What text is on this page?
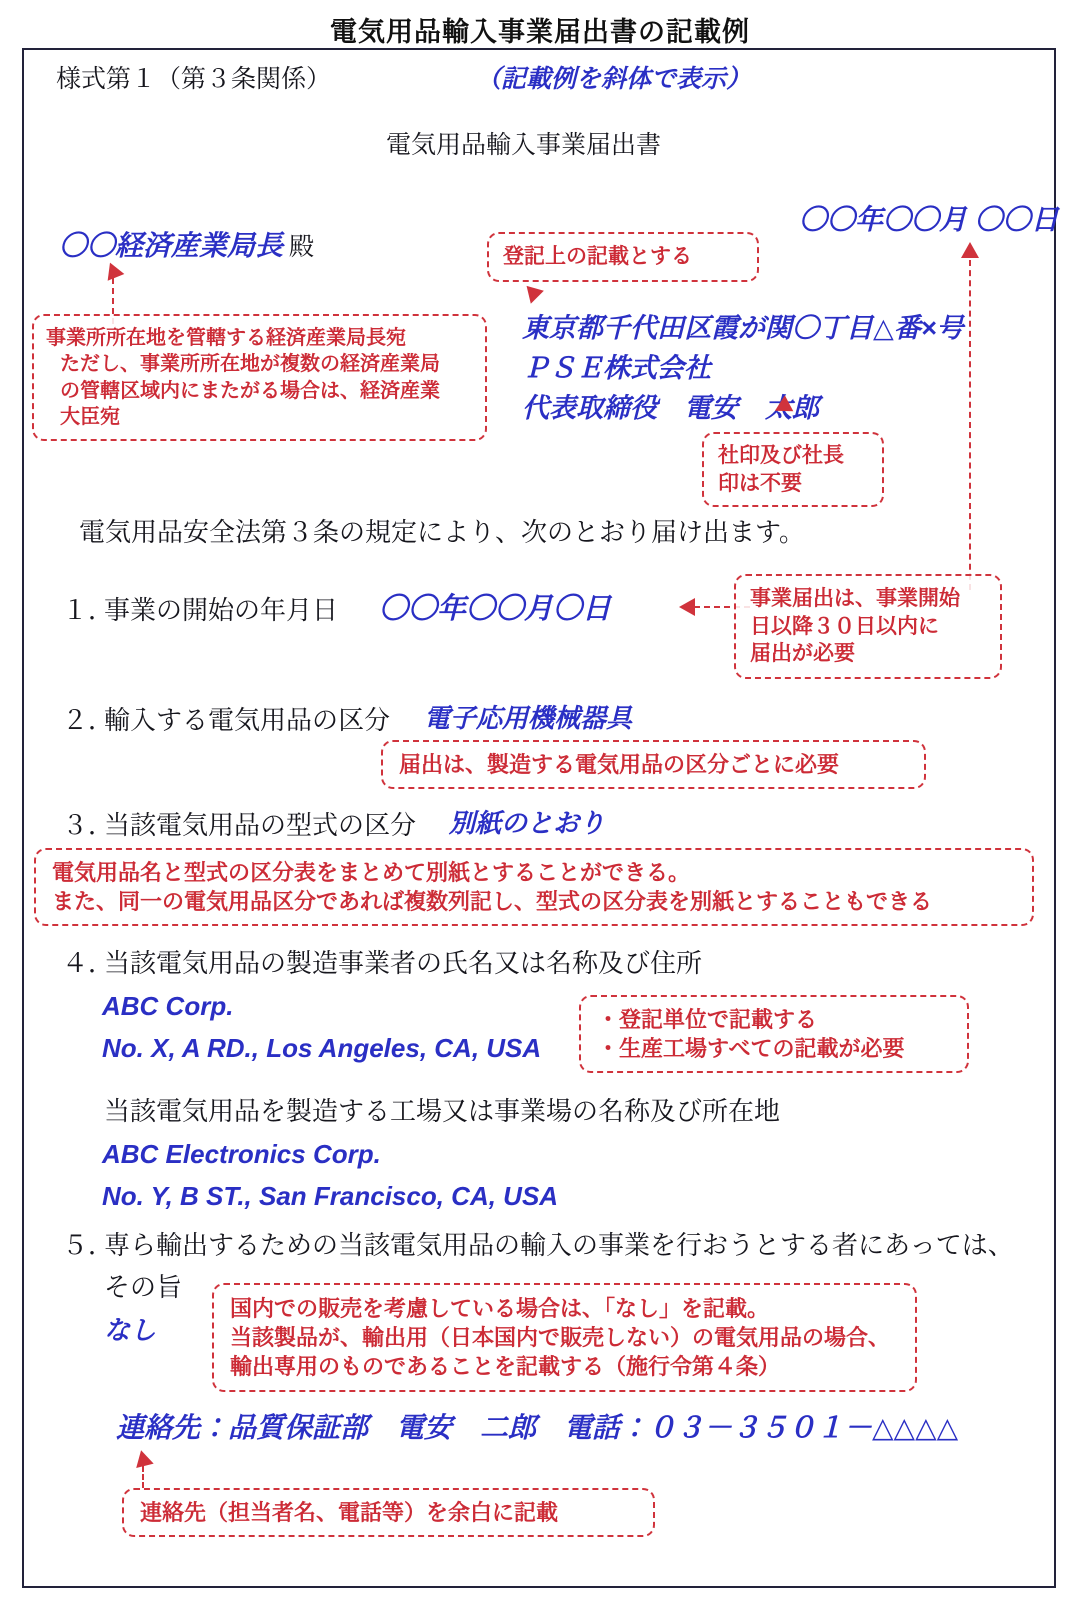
電気用品輸入事業届出書の記載例
様式第１（第３条関係）	（記載例を斜体で表示）
電気用品輸入事業届出書
〇〇年〇〇月 〇〇日
〇〇経済産業局長 殿
事業所所在地を管轄する経済産業局長宛
ただし、事業所所在地が複数の経済産業局
の管轄区域内にまたがる場合は、経済産業
大臣宛
登記上の記載とする
東京都千代田区霞が関〇丁目△番×号
ＰＳＥ株式会社
代表取締役　電安　太郎
社印及び社長
印は不要
電気用品安全法第３条の規定により、次のとおり届け出ます。
１．
事業の開始の年月日 〇〇年〇〇月〇日	事業届出は、事業開始
日以降３０日以内に
届出が必要
２．
輸入する電気用品の区分 電子応用機械器具
届出は、製造する電気用品の区分ごとに必要
３．
当該電気用品の型式の区分 別紙のとおり
電気用品名と型式の区分表をまとめて別紙とすることができる。
また、同一の電気用品区分であれば複数列記し、型式の区分表を別紙とすることもできる
４．
当該電気用品の製造事業者の氏名又は名称及び住所
ABC Corp.
No. X, A RD., Los Angeles, CA, USA
・登記単位で記載する
・生産工場すべての記載が必要
当該電気用品を製造する工場又は事業場の名称及び所在地
ABC Electronics Corp.
No. Y, B ST., San Francisco, CA, USA
５．
専ら輸出するための当該電気用品の輸入の事業を行おうとする者にあっては、
その旨
なし
国内での販売を考慮している場合は、「なし」を記載。
当該製品が、輸出用（日本国内で販売しない）の電気用品の場合、
輸出専用のものであることを記載する（施行令第４条）
連絡先：品質保証部　電安　二郎　電話：０３－３５０１－△△△△
連絡先（担当者名、電話等）を余白に記載
